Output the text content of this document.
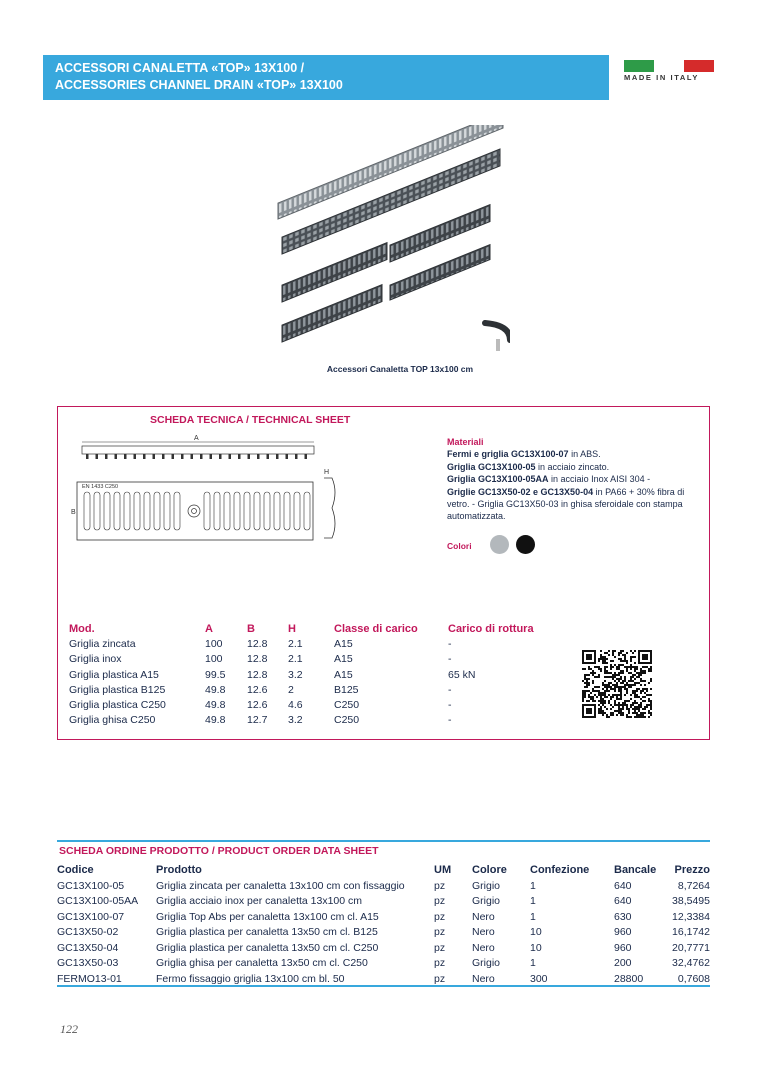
ACCESSORI CANALETTA «TOP» 13X100 /
ACCESSORIES CHANNEL DRAIN «TOP» 13X100
MADE IN ITALY
Accessori Canaletta TOP 13x100 cm
SCHEDA TECNICA / TECHNICAL SHEET
A
EN 1433 C250
B
H
Materiali
Fermi e griglia GC13X100-07 in ABS.
Griglia GC13X100-05 in acciaio zincato.
Griglia GC13X100-05AA in acciaio Inox AISI 304 -
Griglie GC13X50-02 e GC13X50-04 in PA66 + 30% fibra di vetro. - Griglia GC13X50-03 in ghisa sferoidale con stampa automatizzata.
Colori
Mod.	A	B	H	Classe di carico	Carico di rottura
Griglia zincata	100	12.8	2.1	A15	-
Griglia inox	100	12.8	2.1	A15	-
Griglia plastica A15	99.5	12.8	3.2	A15	65 kN
Griglia plastica B125	49.8	12.6	2	B125	-
Griglia plastica C250	49.8	12.6	4.6	C250	-
Griglia ghisa C250	49.8	12.7	3.2	C250	-
SCHEDA ORDINE PRODOTTO / PRODUCT ORDER DATA SHEET
Codice	Prodotto	UM	Colore	Confezione	Bancale	Prezzo
GC13X100-05	Griglia zincata per canaletta 13x100 cm con fissaggio	pz	Grigio	1	640	8,7264
GC13X100-05AA	Griglia acciaio inox per canaletta 13x100 cm	pz	Grigio	1	640	38,5495
GC13X100-07	Griglia Top Abs per canaletta 13x100 cm cl. A15	pz	Nero	1	630	12,3384
GC13X50-02	Griglia plastica per canaletta 13x50 cm cl. B125	pz	Nero	10	960	16,1742
GC13X50-04	Griglia plastica per canaletta 13x50 cm cl. C250	pz	Nero	10	960	20,7771
GC13X50-03	Griglia ghisa per canaletta 13x50 cm cl. C250	pz	Grigio	1	200	32,4762
FERMO13-01	Fermo fissaggio griglia 13x100 cm bl. 50	pz	Nero	300	28800	0,7608
122
